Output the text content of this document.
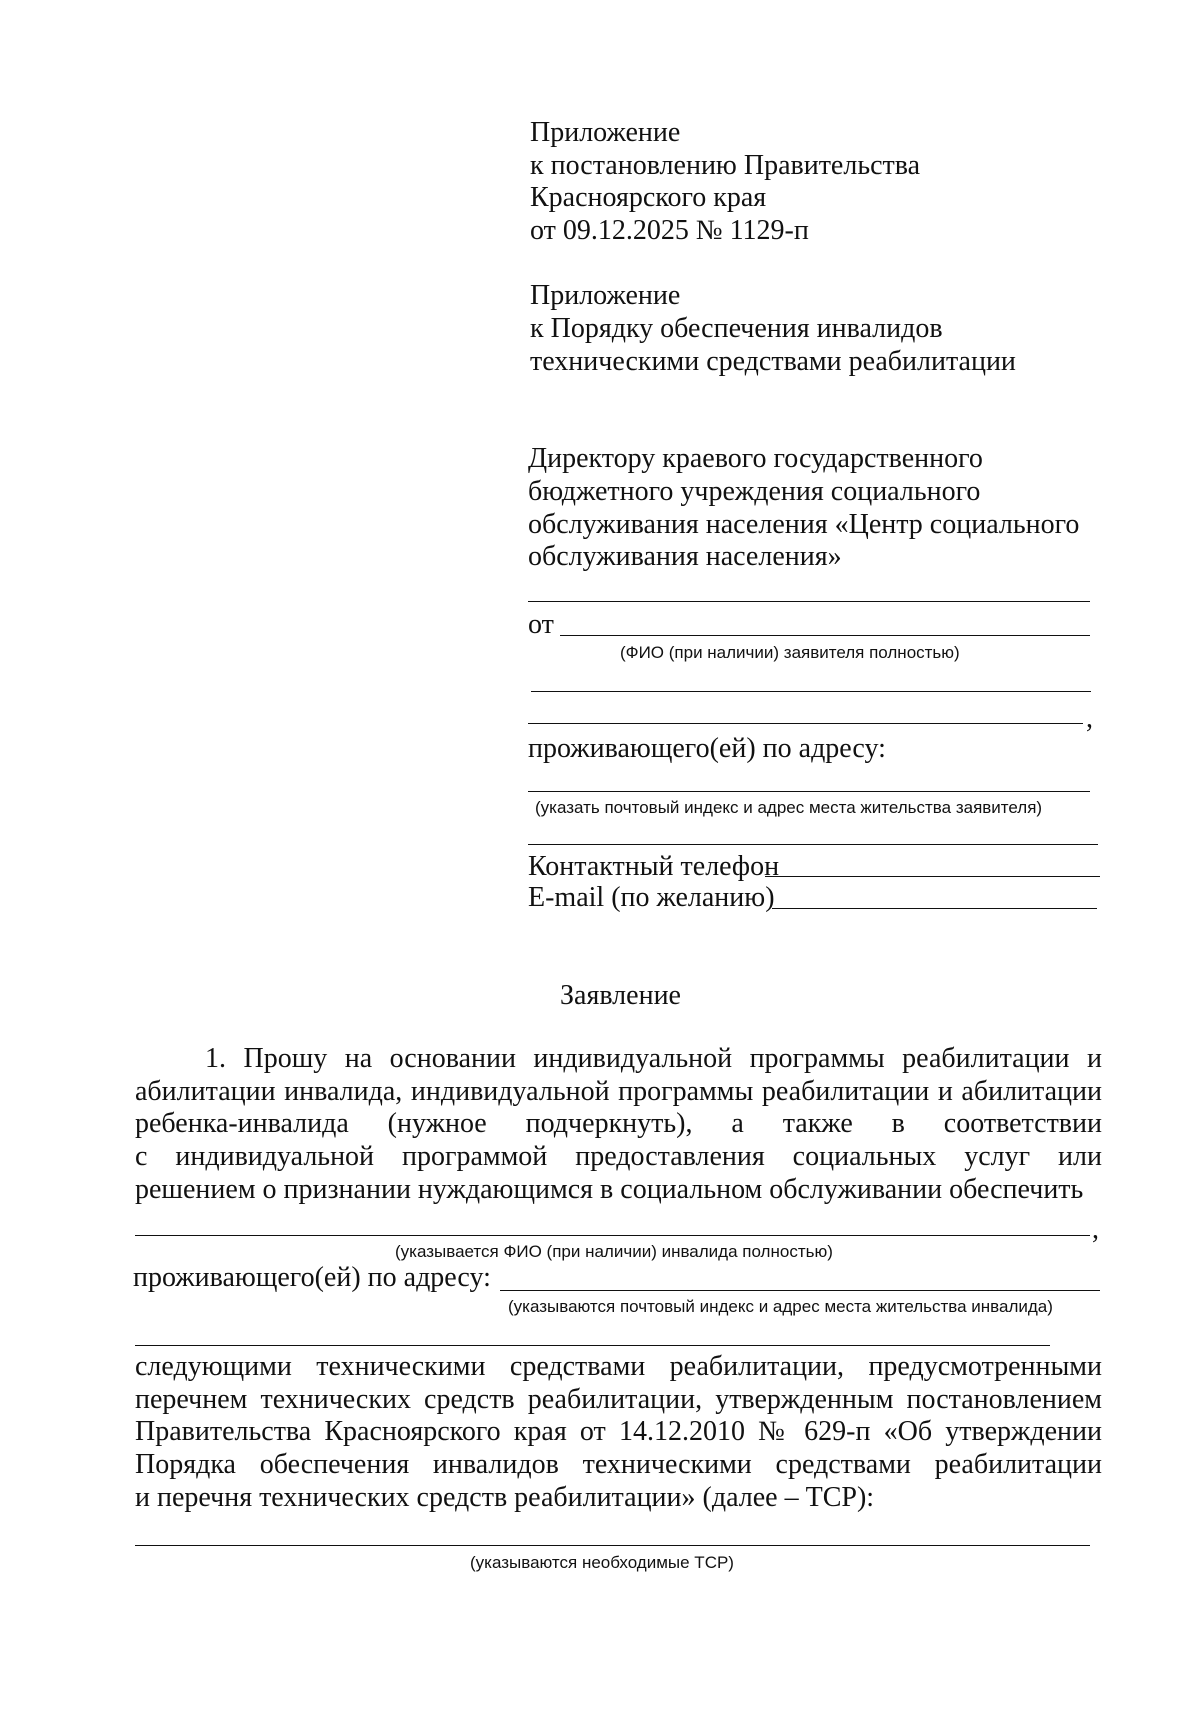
Приложение
к постановлению Правительства
Красноярского края
от 09.12.2025 № 1129-п
Приложение
к Порядку обеспечения инвалидов
техническими средствами реабилитации
Директору краевого государственного
бюджетного учреждения социального
обслуживания населения «Центр социального
обслуживания населения»
от
(ФИО (при наличии) заявителя полностью)
,
проживающего(ей) по адресу:
(указать почтовый индекс и адрес места жительства заявителя)
Контактный телефон
E-mail (по желанию)
Заявление
1. Прошу на основании индивидуальной программы реабилитации и
абилитации инвалида, индивидуальной программы реабилитации и абилитации
ребенка-инвалида (нужное подчеркнуть), а также в соответствии
с индивидуальной программой предоставления социальных услуг или
решением о признании нуждающимся в социальном обслуживании обеспечить
,
(указывается ФИО (при наличии) инвалида полностью)
проживающего(ей) по адресу:
(указываются почтовый индекс и адрес места жительства инвалида)
следующими техническими средствами реабилитации, предусмотренными
перечнем технических средств реабилитации, утвержденным постановлением
Правительства Красноярского края от 14.12.2010 № 629-п «Об утверждении
Порядка обеспечения инвалидов техническими средствами реабилитации
и перечня технических средств реабилитации» (далее – ТСР):
(указываются необходимые ТСР)
